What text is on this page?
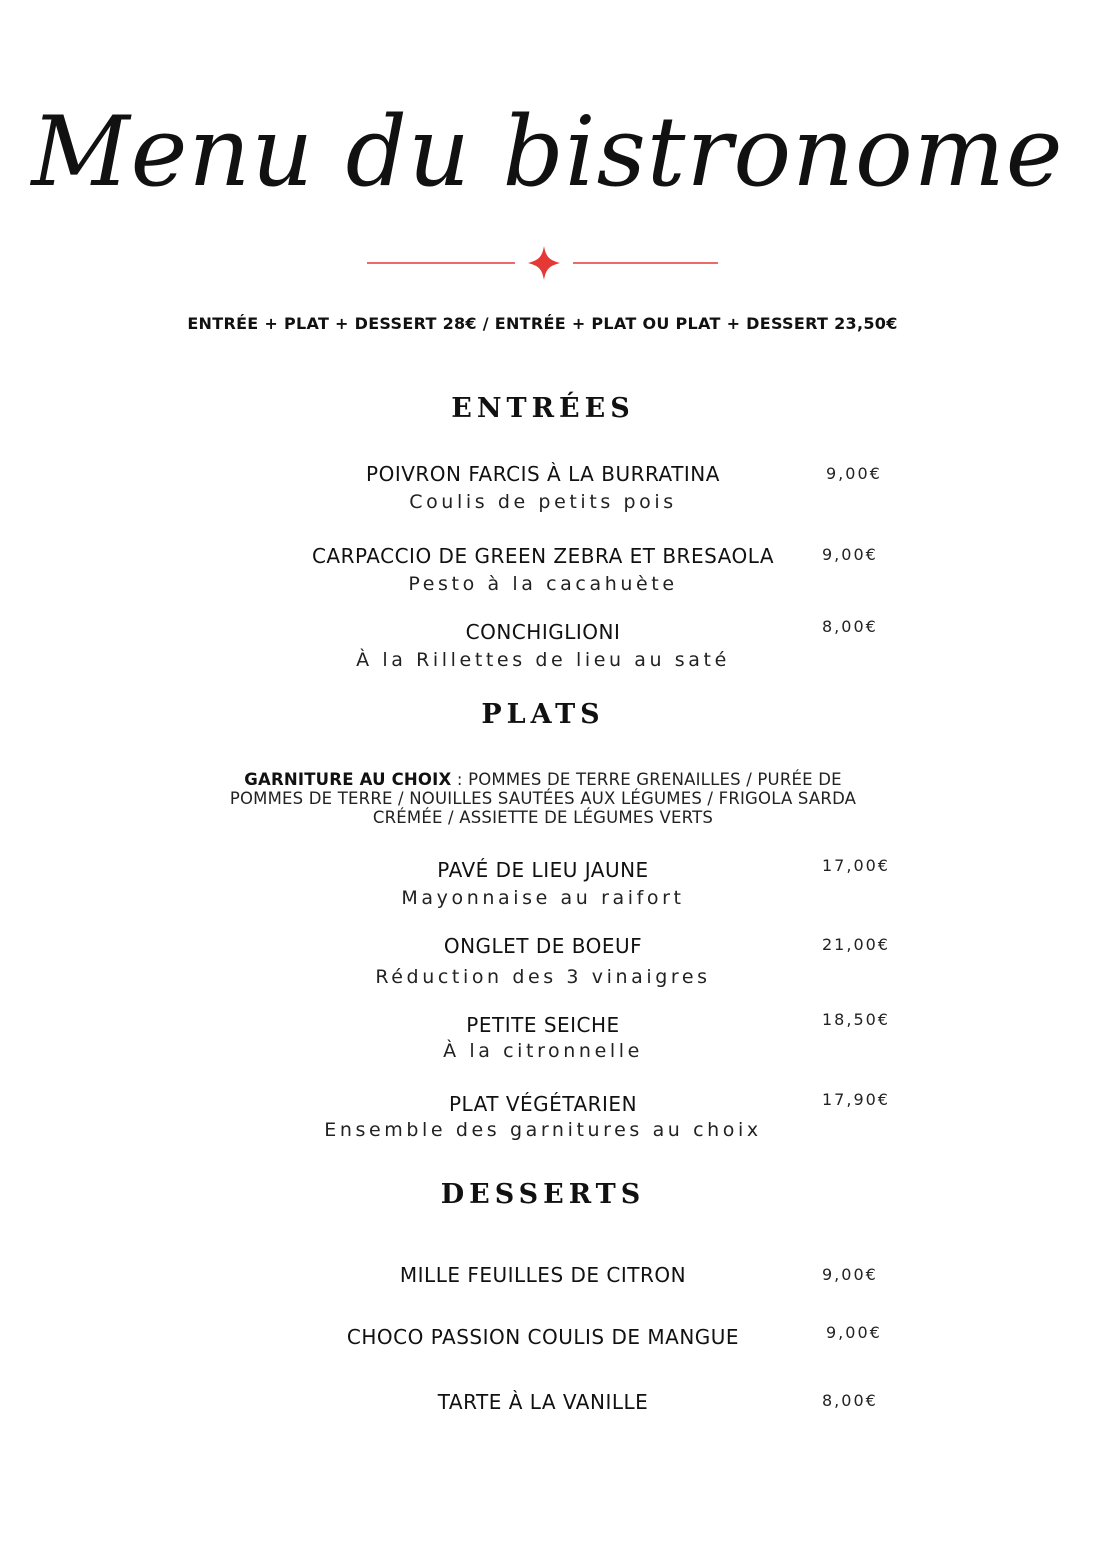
Menu du bistronome
ENTRÉE + PLAT + DESSERT 28€ / ENTRÉE + PLAT OU PLAT + DESSERT 23,50€
ENTRÉES
POIVRON FARCIS À LA BURRATINA
Coulis de petits pois
9,00€
CARPACCIO DE GREEN ZEBRA ET BRESAOLA
Pesto à la cacahuète
9,00€
CONCHIGLIONI
À la Rillettes de lieu au saté
8,00€
PLATS
GARNITURE AU CHOIX : POMMES DE TERRE GRENAILLES / PURÉE DE POMMES DE TERRE / NOUILLES SAUTÉES AUX LÉGUMES / FRIGOLA SARDA CRÉMÉE / ASSIETTE DE LÉGUMES VERTS
PAVÉ DE LIEU JAUNE
Mayonnaise au raifort
17,00€
ONGLET DE BOEUF
Réduction des 3 vinaigres
21,00€
PETITE SEICHE
À la citronnelle
18,50€
PLAT VÉGÉTARIEN
Ensemble des garnitures au choix
17,90€
DESSERTS
MILLE FEUILLES DE CITRON	9,00€
CHOCO PASSION COULIS DE MANGUE	9,00€
TARTE À LA VANILLE	8,00€
